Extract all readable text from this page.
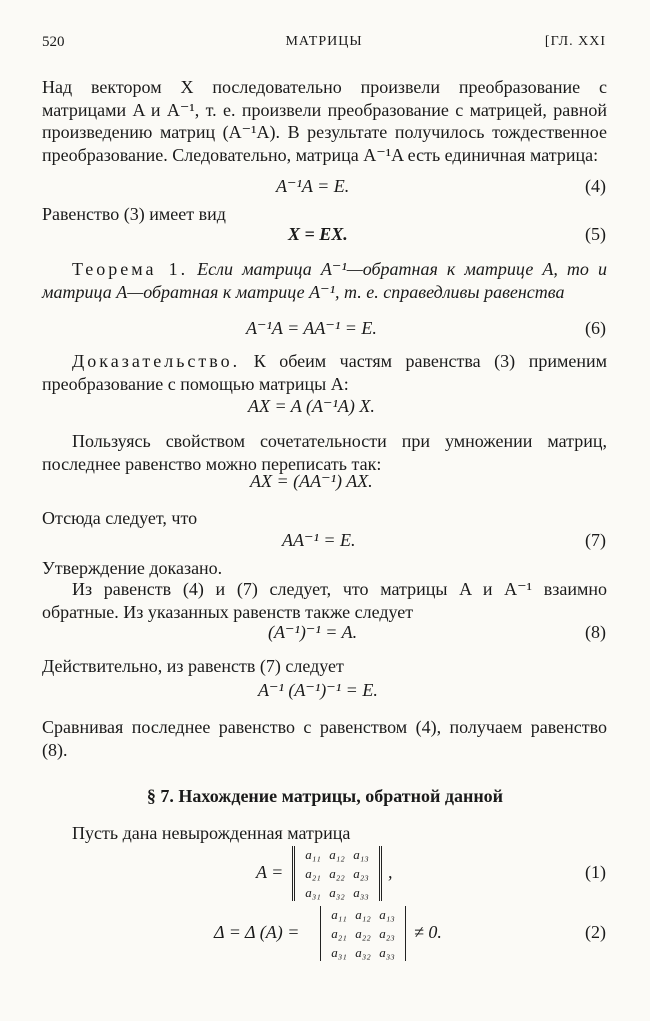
520	МАТРИЦЫ	[ГЛ. XXI
Над вектором X последовательно произвели преобразование с матрицами A и A⁻¹, т. е. произвели преобразование с матрицей, равной произведению матриц (A⁻¹A). В результате получилось тождественное преобразование. Следовательно, матрица A⁻¹A есть единичная матрица:
A⁻¹A = E.	(4)
Равенство (3) имеет вид
X = EX.	(5)
Теорема 1. Если матрица A⁻¹—обратная к матрице A, то и матрица A—обратная к матрице A⁻¹, т. е. справедливы равенства
A⁻¹A = AA⁻¹ = E.	(6)
Доказательство. К обеим частям равенства (3) применим преобразование с помощью матрицы A:
AX = A (A⁻¹A) X.
Пользуясь свойством сочетательности при умножении матриц, последнее равенство можно переписать так:
AX = (AA⁻¹) AX.
Отсюда следует, что
AA⁻¹ = E.	(7)
Утверждение доказано.
Из равенств (4) и (7) следует, что матрицы A и A⁻¹ взаимно обратные. Из указанных равенств также следует
(A⁻¹)⁻¹ = A.	(8)
Действительно, из равенств (7) следует
A⁻¹ (A⁻¹)⁻¹ = E.
Сравнивая последнее равенство с равенством (4), получаем равенство (8).
§ 7. Нахождение матрицы, обратной данной
Пусть дана невырожденная матрица
A =
a₁₁ a₁₂ a₁₃
a₂₁ a₂₂ a₂₃
a₃₁ a₃₂ a₃₃
,	(1)
Δ = Δ (A) =
a₁₁ a₁₂ a₁₃
a₂₁ a₂₂ a₂₃
a₃₁ a₃₂ a₃₃
≠ 0.	(2)
